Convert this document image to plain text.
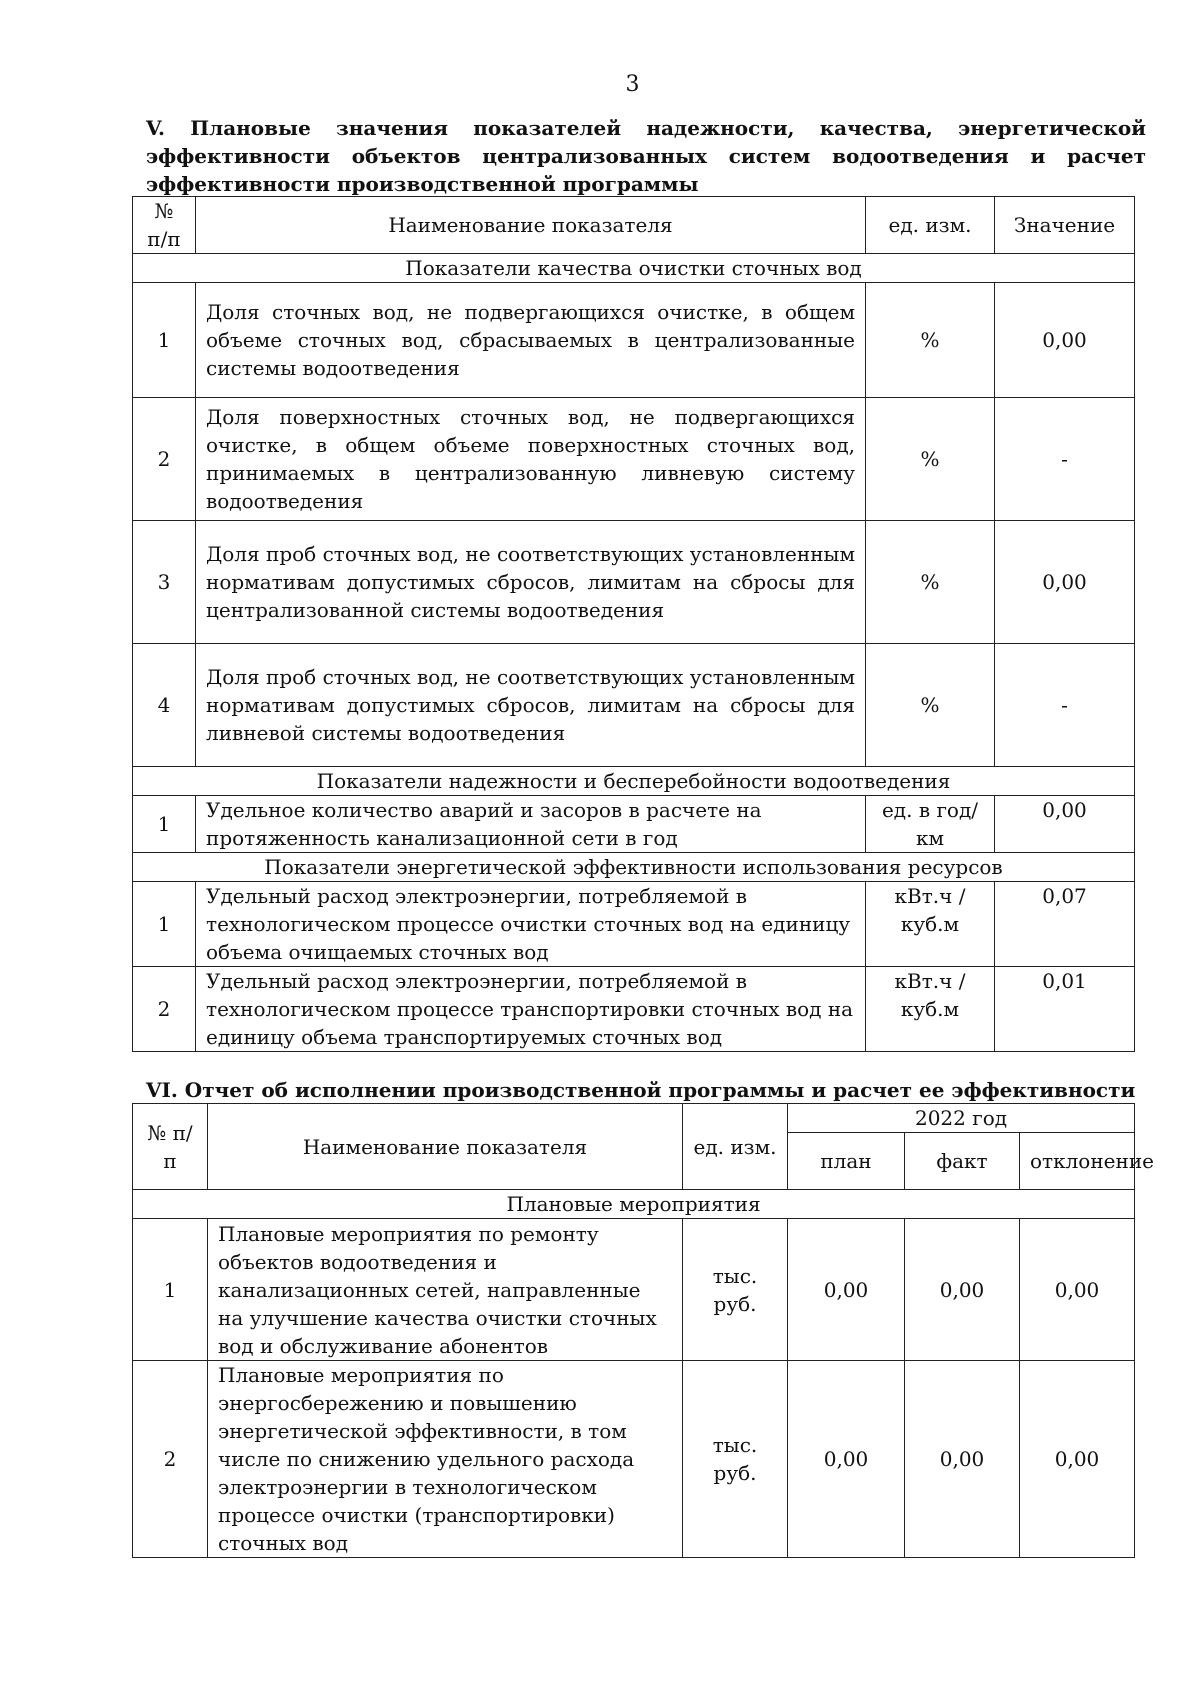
3
V. Плановые значения показателей надежности, качества, энергетической эффективности объектов централизованных систем водоотведения и расчет эффективности производственной программы
№ п/п	Наименование показателя	ед. изм.	Значение
Показатели качества очистки сточных вод			
1	Доля сточных вод, не подвергающихся очистке, в общем объеме сточных вод, сбрасываемых в централизованные системы водоотведения	%	0,00
2	Доля поверхностных сточных вод, не подвергающихся очистке, в общем объеме поверхностных сточных вод, принимаемых в централизованную ливневую систему водоотведения	%	-
3	Доля проб сточных вод, не соответствующих установленным нормативам допустимых сбросов, лимитам на сбросы для централизованной системы водоотведения	%	0,00
4	Доля проб сточных вод, не соответствующих установленным нормативам допустимых сбросов, лимитам на сбросы для ливневой системы водоотведения	%	-
Показатели надежности и бесперебойности водоотведения			
1	Удельное количество аварий и засоров в расчете на протяженность канализационной сети в год	ед. в год/ км	0,00
Показатели энергетической эффективности использования ресурсов			
1	Удельный расход электроэнергии, потребляемой в технологическом процессе очистки сточных вод на единицу объема очищаемых сточных вод	кВт.ч / куб.м	0,07
2	Удельный расход электроэнергии, потребляемой в технологическом процессе транспортировки сточных вод на единицу объема транспортируемых сточных вод	кВт.ч / куб.м	0,01
VI. Отчет об исполнении производственной программы и расчет ее эффективности
№ п/п	Наименование показателя	ед. изм.	2022 год		
			план	факт	отклонение
Плановые мероприятия					
1	Плановые мероприятия по ремонту объектов водоотведения и канализационных сетей, направленные на улучшение качества очистки сточных вод и обслуживание абонентов	тыс. руб.	0,00	0,00	0,00
2	Плановые мероприятия по энергосбережению и повышению энергетической эффективности, в том числе по снижению удельного расхода электроэнергии в технологическом процессе очистки (транспортировки) сточных вод	тыс. руб.	0,00	0,00	0,00
